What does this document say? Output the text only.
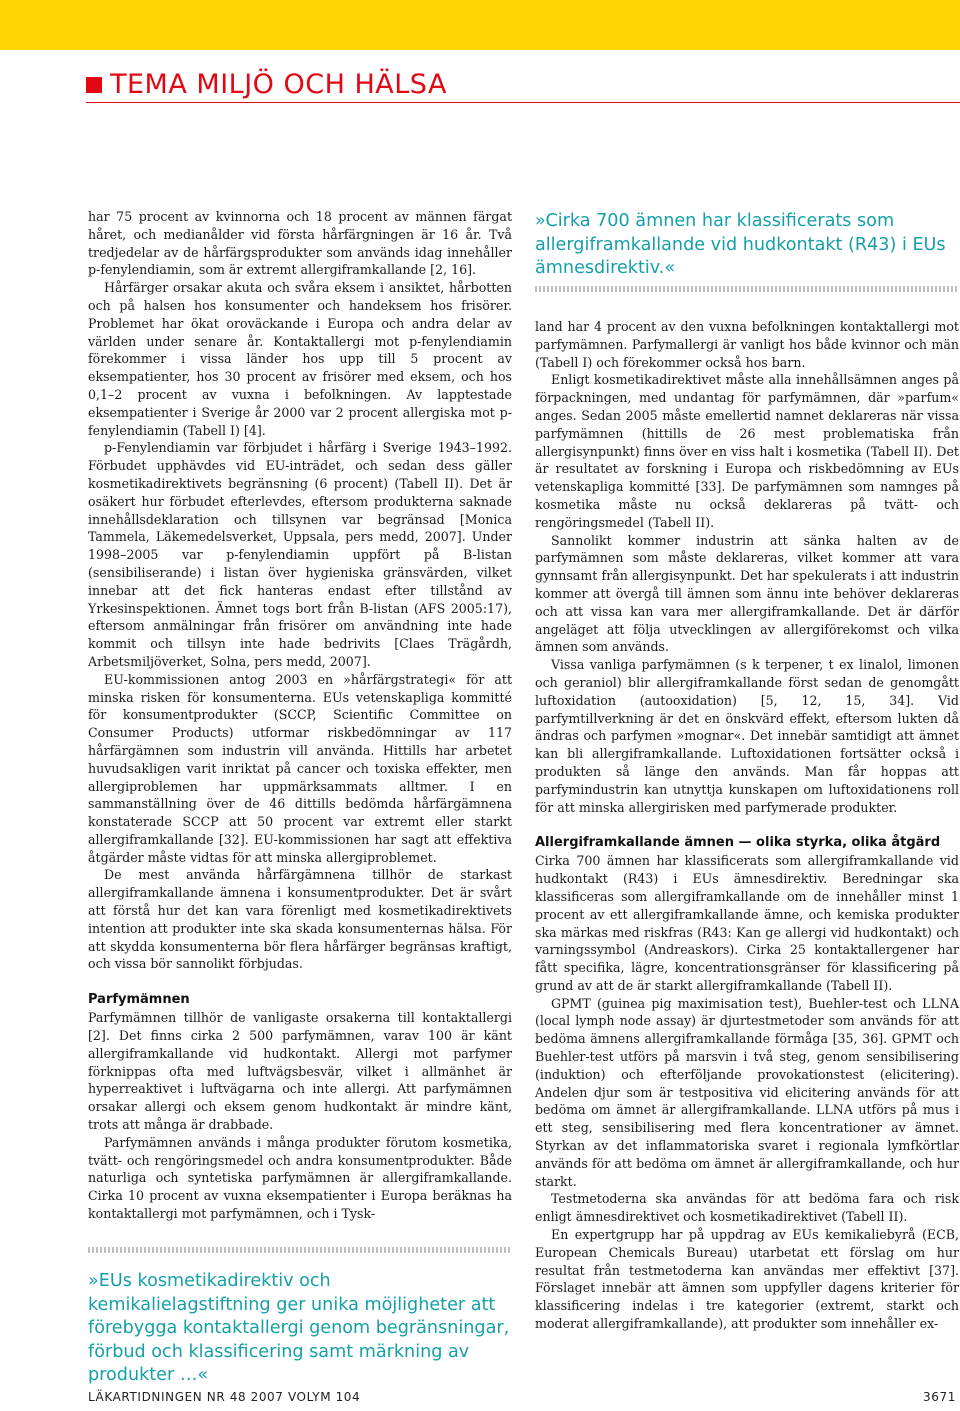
TEMA MILJÖ OCH HÄLSA

har 75 procent av kvinnorna och 18 procent av männen färgat håret, och medianålder vid första hårfärgningen är 16 år. Två tredjedelar av de hårfärgsprodukter som används idag innehåller p-fenylendiamin, som är extremt allergiframkallande [2, 16].

Hårfärger orsakar akuta och svåra eksem i ansiktet, hårbotten och på halsen hos konsumenter och handeksem hos frisörer. Problemet har ökat oroväckande i Europa och andra delar av världen under senare år. Kontaktallergi mot p-fenylendiamin förekommer i vissa länder hos upp till 5 procent av eksempatienter, hos 30 procent av frisörer med eksem, och hos 0,1–2 procent av vuxna i befolkningen. Av lapptestade eksempatienter i Sverige år 2000 var 2 procent allergiska mot p-fenylendiamin (Tabell I) [4].

p-Fenylendiamin var förbjudet i hårfärg i Sverige 1943–1992. Förbudet upphävdes vid EU-inträdet, och sedan dess gäller kosmetikadirektivets begränsning (6 procent) (Tabell II). Det är osäkert hur förbudet efterlevdes, eftersom produkterna saknade innehållsdeklaration och tillsynen var begränsad [Monica Tammela, Läkemedelsverket, Uppsala, pers medd, 2007]. Under 1998–2005 var p-fenylendiamin uppfört på B-listan (sensibiliserande) i listan över hygieniska gränsvärden, vilket innebar att det fick hanteras endast efter tillstånd av Yrkesinspektionen. Ämnet togs bort från B-listan (AFS 2005:17), eftersom anmälningar från frisörer om användning inte hade kommit och tillsyn inte hade bedrivits [Claes Trägårdh, Arbetsmiljöverket, Solna, pers medd, 2007].

EU-kommissionen antog 2003 en »hårfärgstrategi« för att minska risken för konsumenterna. EUs vetenskapliga kommitté för konsumentprodukter (SCCP, Scientific Committee on Consumer Products) utformar riskbedömningar av 117 hårfärgämnen som industrin vill använda. Hittills har arbetet huvudsakligen varit inriktat på cancer och toxiska effekter, men allergiproblemen har uppmärksammats alltmer. I en sammanställning över de 46 dittills bedömda hårfärgämnena konstaterade SCCP att 50 procent var extremt eller starkt allergiframkallande [32]. EU-kommissionen har sagt att effektiva åtgärder måste vidtas för att minska allergiproblemet.

De mest använda hårfärgämnena tillhör de starkast allergiframkallande ämnena i konsumentprodukter. Det är svårt att förstå hur det kan vara förenligt med kosmetikadirektivets intention att produkter inte ska skada konsumenternas hälsa. För att skydda konsumenterna bör flera hårfärger begränsas kraftigt, och vissa bör sannolikt förbjudas.

Parfymämnen

Parfymämnen tillhör de vanligaste orsakerna till kontaktallergi [2]. Det finns cirka 2 500 parfymämnen, varav 100 är känt allergiframkallande vid hudkontakt. Allergi mot parfymer förknippas ofta med luftvägsbesvär, vilket i allmänhet är hyperreaktivet i luftvägarna och inte allergi. Att parfymämnen orsakar allergi och eksem genom hudkontakt är mindre känt, trots att många är drabbade.

Parfymämnen används i många produkter förutom kosmetika, tvätt- och rengöringsmedel och andra konsumentprodukter. Både naturliga och syntetiska parfymämnen är allergiframkallande. Cirka 10 procent av vuxna eksempatienter i Europa beräknas ha kontaktallergi mot parfymämnen, och i Tysk-

»Cirka 700 ämnen har klassificerats som allergiframkallande vid hudkontakt (R43) i EUs ämnesdirektiv.«
»EUs kosmetikadirektiv och kemikalielagstiftning ger unika möjligheter att förebygga kontaktallergi genom begränsningar, förbud och klassificering samt märkning av produkter …«

land har 4 procent av den vuxna befolkningen kontaktallergi mot parfymämnen. Parfymallergi är vanligt hos både kvinnor och män (Tabell I) och förekommer också hos barn.

Enligt kosmetikadirektivet måste alla innehållsämnen anges på förpackningen, med undantag för parfymämnen, där »parfum« anges. Sedan 2005 måste emellertid namnet deklareras när vissa parfymämnen (hittills de 26 mest problematiska från allergisynpunkt) finns över en viss halt i kosmetika (Tabell II). Det är resultatet av forskning i Europa och riskbedömning av EUs vetenskapliga kommitté [33]. De parfymämnen som namnges på kosmetika måste nu också deklareras på tvätt- och rengöringsmedel (Tabell II).

Sannolikt kommer industrin att sänka halten av de parfymämnen som måste deklareras, vilket kommer att vara gynnsamt från allergisynpunkt. Det har spekulerats i att industrin kommer att övergå till ämnen som ännu inte behöver deklareras och att vissa kan vara mer allergiframkallande. Det är därför angeläget att följa utvecklingen av allergiförekomst och vilka ämnen som används.

Vissa vanliga parfymämnen (s k terpener, t ex linalol, limonen och geraniol) blir allergiframkallande först sedan de genomgått luftoxidation (autooxidation) [5, 12, 15, 34]. Vid parfymtillverkning är det en önskvärd effekt, eftersom lukten då ändras och parfymen »mognar«. Det innebär samtidigt att ämnet kan bli allergiframkallande. Luftoxidationen fortsätter också i produkten så länge den används. Man får hoppas att parfymindustrin kan utnyttja kunskapen om luftoxidationens roll för att minska allergirisken med parfymerade produkter.

Allergiframkallande ämnen — olika styrka, olika åtgärd

Cirka 700 ämnen har klassificerats som allergiframkallande vid hudkontakt (R43) i EUs ämnesdirektiv. Beredningar ska klassificeras som allergiframkallande om de innehåller minst 1 procent av ett allergiframkallande ämne, och kemiska produkter ska märkas med riskfras (R43: Kan ge allergi vid hudkontakt) och varningssymbol (Andreaskors). Cirka 25 kontaktallergener har fått specifika, lägre, koncentrationsgränser för klassificering på grund av att de är starkt allergiframkallande (Tabell II).

GPMT (guinea pig maximisation test), Buehler-test och LLNA (local lymph node assay) är djurtestmetoder som används för att bedöma ämnens allergiframkallande förmåga [35, 36]. GPMT och Buehler-test utförs på marsvin i två steg, genom sensibilisering (induktion) och efterföljande provokationstest (elicitering). Andelen djur som är testpositiva vid elicitering används för att bedöma om ämnet är allergiframkallande. LLNA utförs på mus i ett steg, sensibilisering med flera koncentrationer av ämnet. Styrkan av det inflammatoriska svaret i regionala lymfkörtlar används för att bedöma om ämnet är allergiframkallande, och hur starkt.

Testmetoderna ska användas för att bedöma fara och risk enligt ämnesdirektivet och kosmetikadirektivet (Tabell II).

En expertgrupp har på uppdrag av EUs kemikaliebyrå (ECB, European Chemicals Bureau) utarbetat ett förslag om hur resultat från testmetoderna kan användas mer effektivt [37]. Förslaget innebär att ämnen som uppfyller dagens kriterier för klassificering indelas i tre kategorier (extremt, starkt och moderat allergiframkallande), att produkter som innehåller ex-

LÄKARTIDNINGEN NR 48 2007 VOLYM 104	3671
